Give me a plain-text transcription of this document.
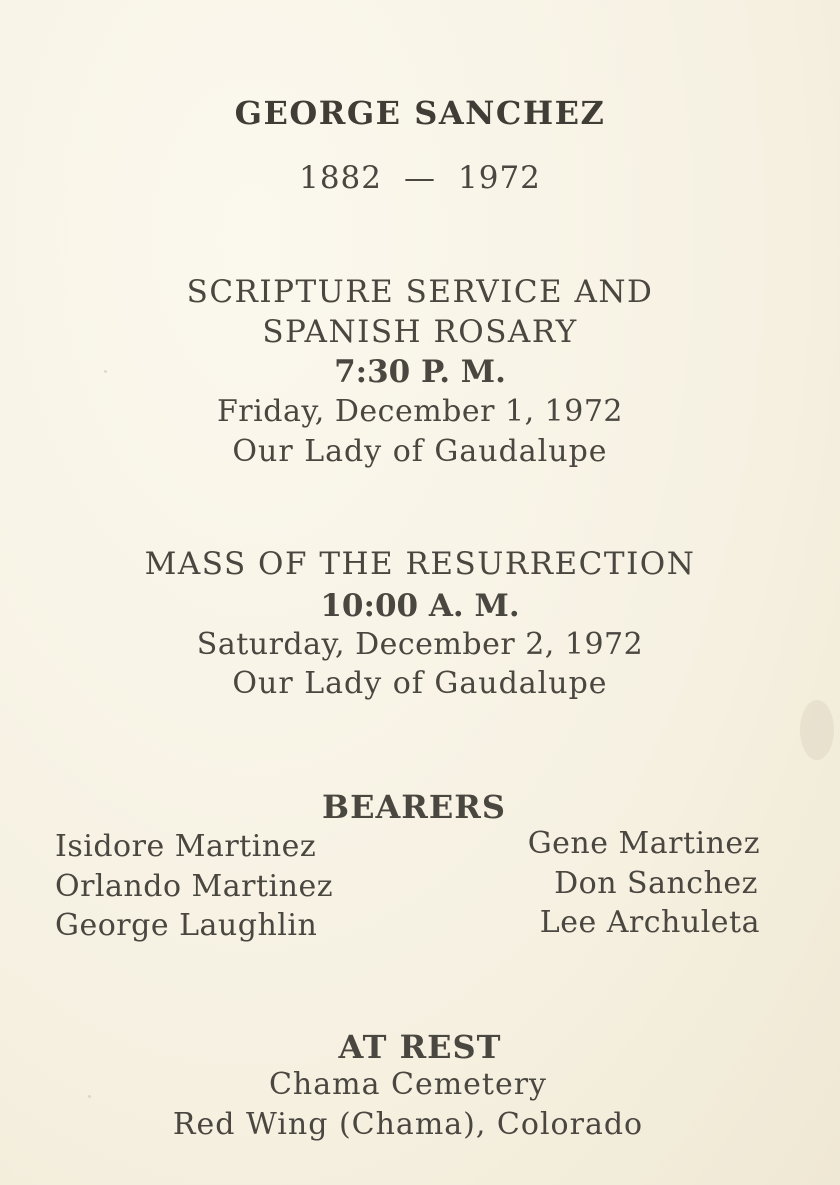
GEORGE SANCHEZ
1882 — 1972
SCRIPTURE SERVICE AND
SPANISH ROSARY
7:30 P. M.
Friday, December 1, 1972
Our Lady of Gaudalupe
MASS OF THE RESURRECTION
10:00 A. M.
Saturday, December 2, 1972
Our Lady of Gaudalupe
BEARERS
Isidore Martinez
Orlando Martinez
George Laughlin
Gene Martinez
Don Sanchez
Lee Archuleta
AT REST
Chama Cemetery
Red Wing (Chama), Colorado
